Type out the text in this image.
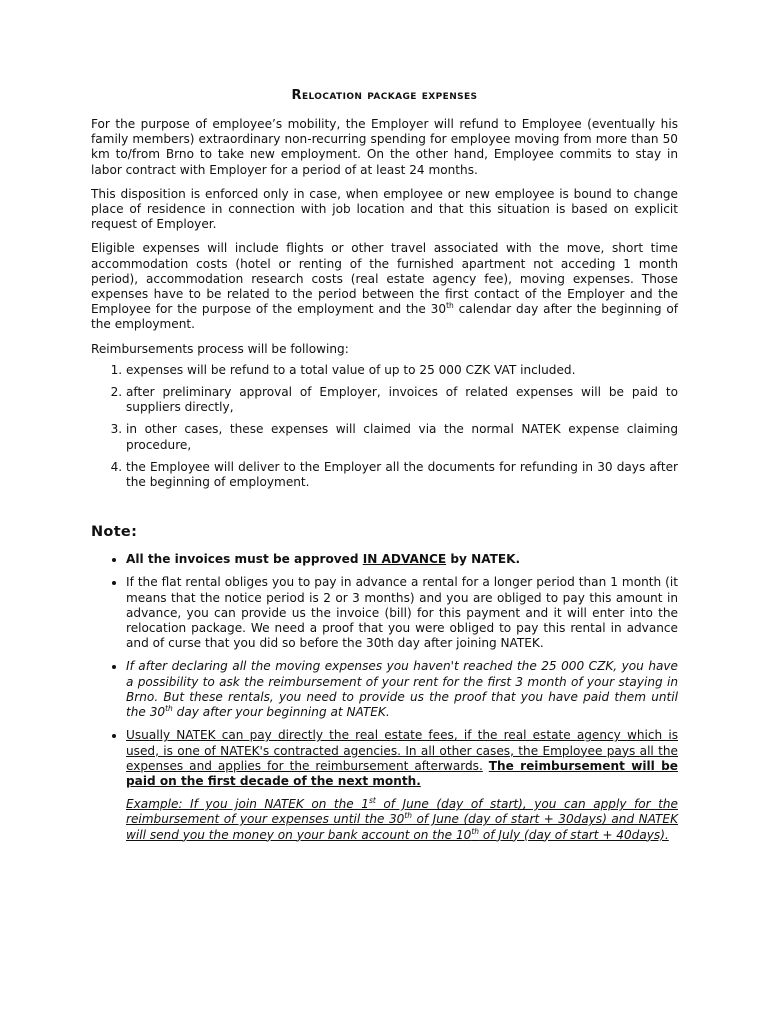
Relocation package expenses

For the purpose of employee’s mobility, the Employer will refund to Employee (eventually his family members) extraordinary non-recurring spending for employee moving from more than 50 km to/from Brno to take new employment. On the other hand, Employee commits to stay in labor contract with Employer for a period of at least 24 months.

This disposition is enforced only in case, when employee or new employee is bound to change place of residence in connection with job location and that this situation is based on explicit request of Employer.

Eligible expenses will include flights or other travel associated with the move, short time accommodation costs (hotel or renting of the furnished apartment not acceding 1 month period), accommodation research costs (real estate agency fee), moving expenses. Those expenses have to be related to the period between the first contact of the Employer and the Employee for the purpose of the employment and the 30th calendar day after the beginning of the employment.

Reimbursements process will be following:

1. expenses will be refund to a total value of up to 25 000 CZK VAT included.
2. after preliminary approval of Employer, invoices of related expenses will be paid to suppliers directly,
3. in other cases, these expenses will claimed via the normal NATEK expense claiming procedure,
4. the Employee will deliver to the Employer all the documents for refunding in 30 days after the beginning of employment.
Note:
• All the invoices must be approved IN ADVANCE by NATEK.
• If the flat rental obliges you to pay in advance a rental for a longer period than 1 month (it means that the notice period is 2 or 3 months) and you are obliged to pay this amount in advance, you can provide us the invoice (bill) for this payment and it will enter into the relocation package. We need a proof that you were obliged to pay this rental in advance and of curse that you did so before the 30th day after joining NATEK.
• If after declaring all the moving expenses you haven't reached the 25 000 CZK, you have a possibility to ask the reimbursement of your rent for the first 3 month of your staying in Brno. But these rentals, you need to provide us the proof that you have paid them until the 30th day after your beginning at NATEK.
• Usually NATEK can pay directly the real estate fees, if the real estate agency which is used, is one of NATEK's contracted agencies. In all other cases, the Employee pays all the expenses and applies for the reimbursement afterwards. The reimbursement will be paid on the first decade of the next month.
Example: If you join NATEK on the 1st of June (day of start), you can apply for the reimbursement of your expenses until the 30th of June (day of start + 30days) and NATEK will send you the money on your bank account on the 10th of July (day of start + 40days).
